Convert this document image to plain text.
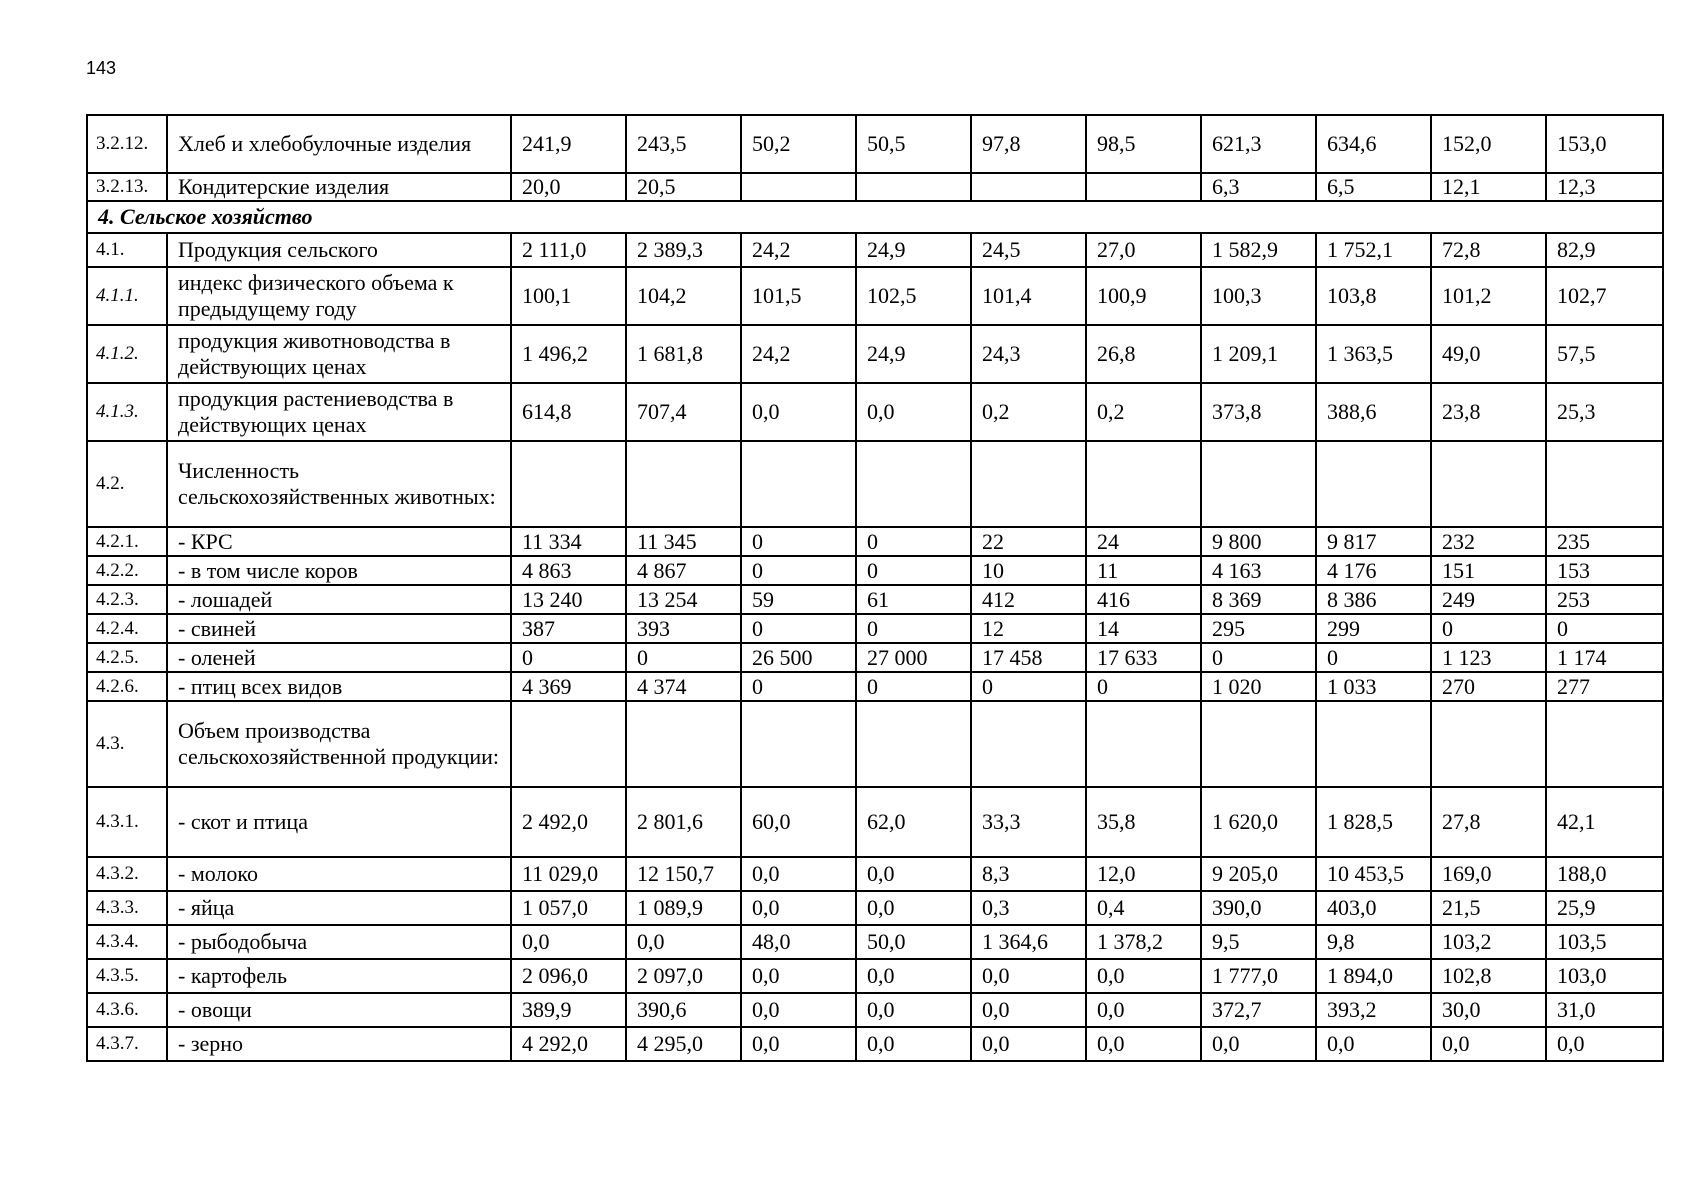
143
3.2.12.	Хлеб и хлебобулочные изделия	241,9	243,5	50,2	50,5	97,8	98,5	621,3	634,6	152,0	153,0
3.2.13.	Кондитерские изделия	20,0	20,5					6,3	6,5	12,1	12,3
4. Сельское хозяйство											
4.1.	Продукция сельского	2 111,0	2 389,3	24,2	24,9	24,5	27,0	1 582,9	1 752,1	72,8	82,9
4.1.1.	индекс физического объема к предыдущему году	100,1	104,2	101,5	102,5	101,4	100,9	100,3	103,8	101,2	102,7
4.1.2.	продукция животноводства в действующих ценах	1 496,2	1 681,8	24,2	24,9	24,3	26,8	1 209,1	1 363,5	49,0	57,5
4.1.3.	продукция растениеводства в действующих ценах	614,8	707,4	0,0	0,0	0,2	0,2	373,8	388,6	23,8	25,3
4.2.	Численность сельскохозяйственных животных:										
4.2.1.	- КРС	11 334	11 345	0	0	22	24	9 800	9 817	232	235
4.2.2.	- в том числе коров	4 863	4 867	0	0	10	11	4 163	4 176	151	153
4.2.3.	- лошадей	13 240	13 254	59	61	412	416	8 369	8 386	249	253
4.2.4.	- свиней	387	393	0	0	12	14	295	299	0	0
4.2.5.	- оленей	0	0	26 500	27 000	17 458	17 633	0	0	1 123	1 174
4.2.6.	- птиц всех видов	4 369	4 374	0	0	0	0	1 020	1 033	270	277
4.3.	Объем производства сельскохозяйственной продукции:										
4.3.1.	- скот и птица	2 492,0	2 801,6	60,0	62,0	33,3	35,8	1 620,0	1 828,5	27,8	42,1
4.3.2.	- молоко	11 029,0	12 150,7	0,0	0,0	8,3	12,0	9 205,0	10 453,5	169,0	188,0
4.3.3.	- яйца	1 057,0	1 089,9	0,0	0,0	0,3	0,4	390,0	403,0	21,5	25,9
4.3.4.	- рыбодобыча	0,0	0,0	48,0	50,0	1 364,6	1 378,2	9,5	9,8	103,2	103,5
4.3.5.	- картофель	2 096,0	2 097,0	0,0	0,0	0,0	0,0	1 777,0	1 894,0	102,8	103,0
4.3.6.	- овощи	389,9	390,6	0,0	0,0	0,0	0,0	372,7	393,2	30,0	31,0
4.3.7.	- зерно	4 292,0	4 295,0	0,0	0,0	0,0	0,0	0,0	0,0	0,0	0,0
